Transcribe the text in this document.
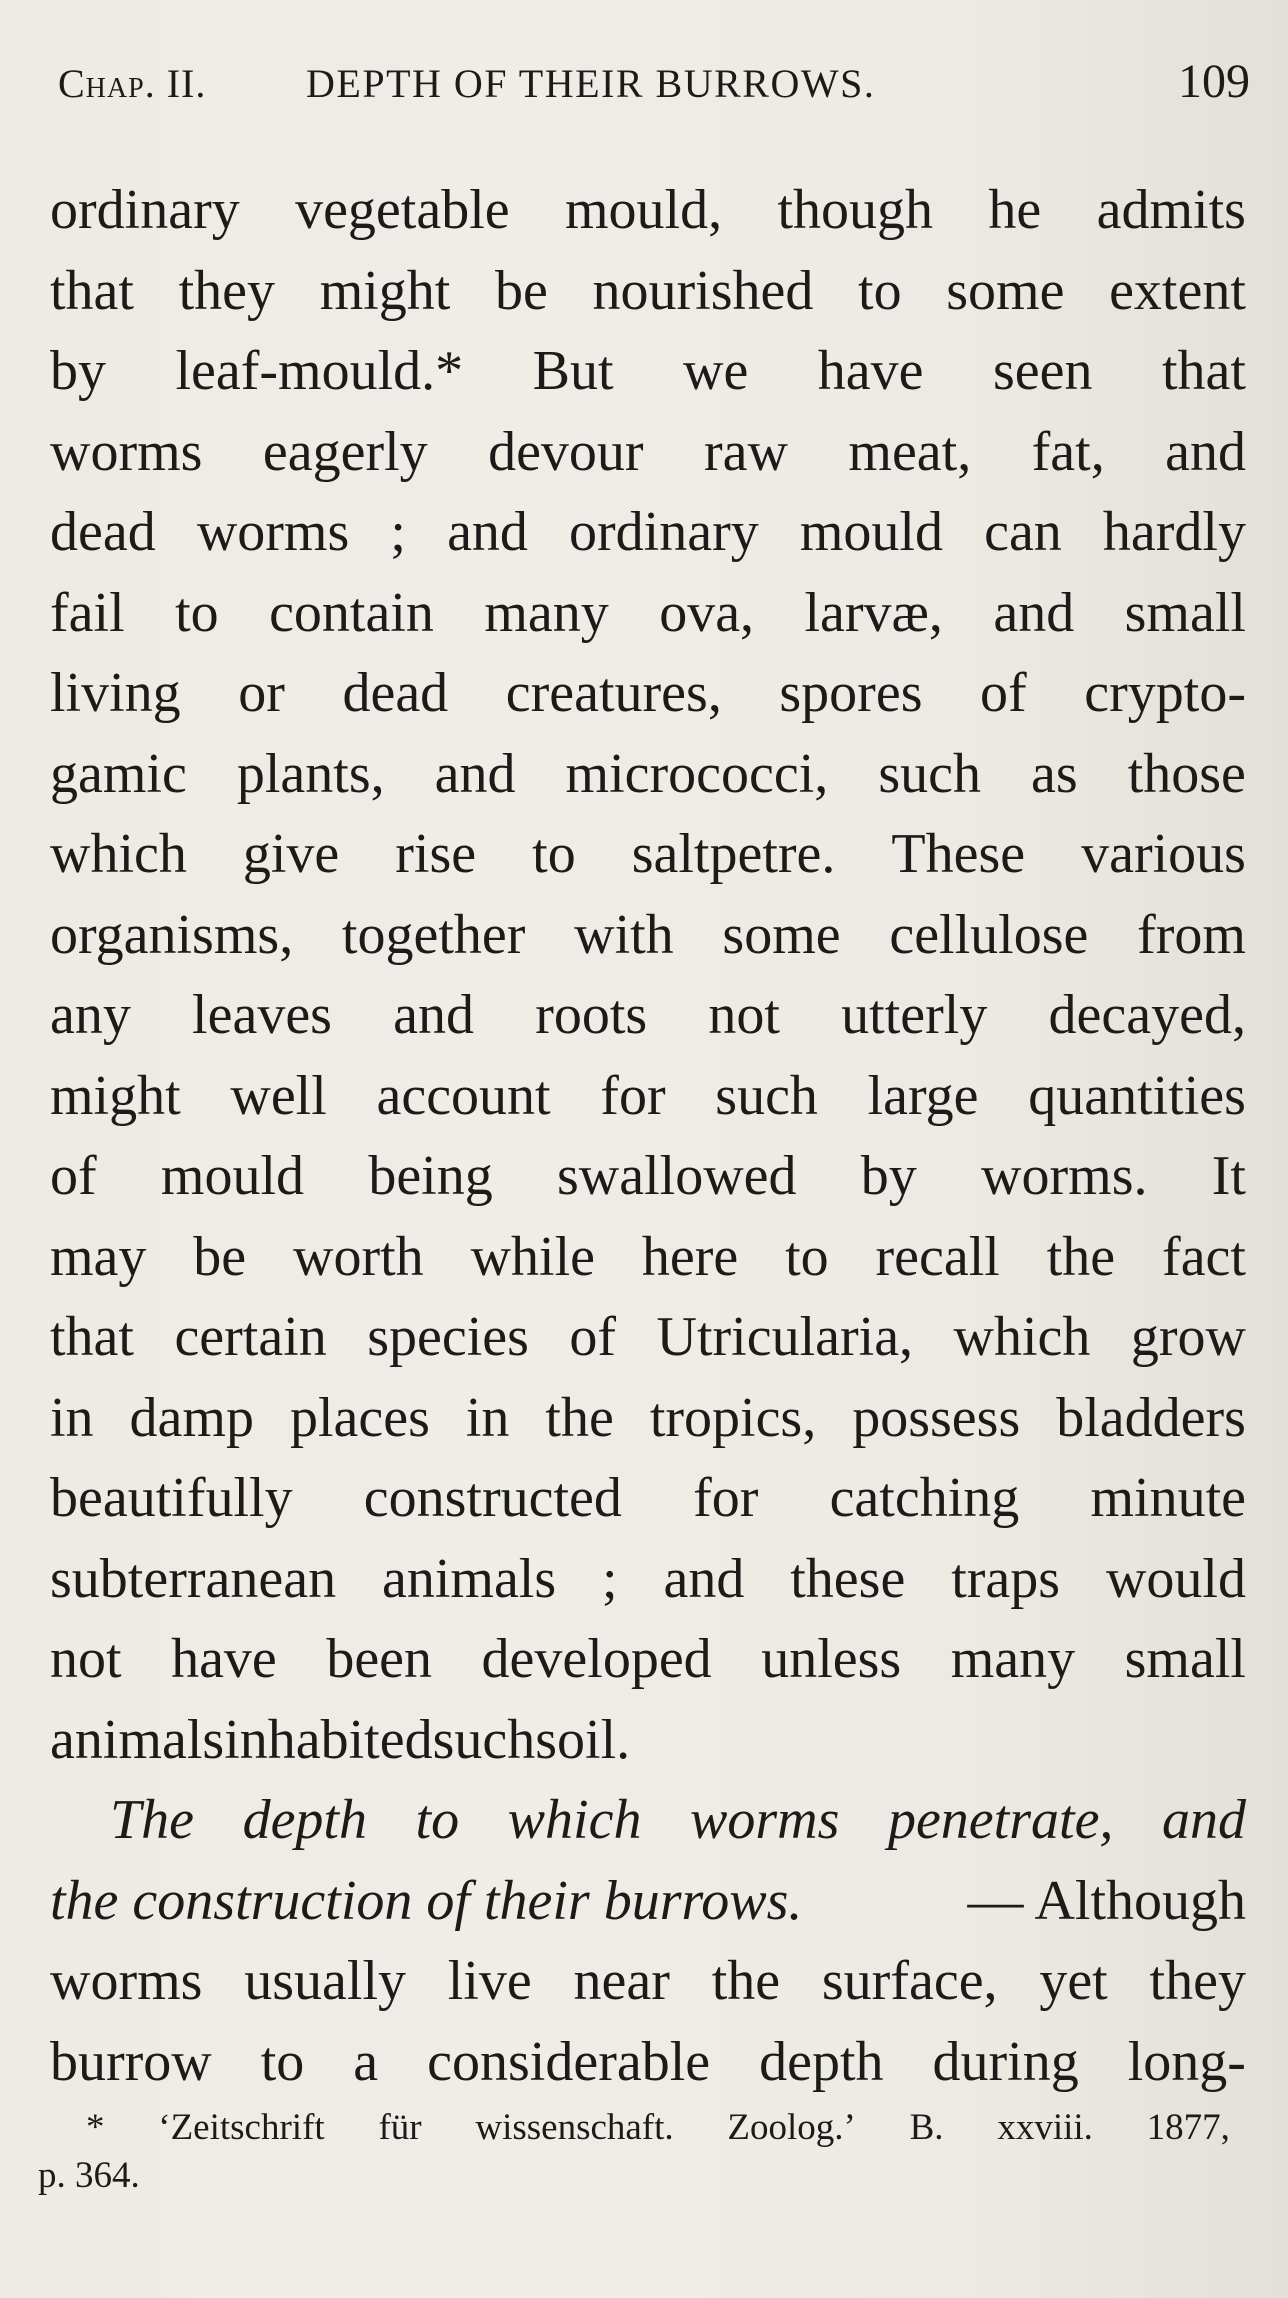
Chap. II. DEPTH OF THEIR BURROWS.	109
ordinary vegetable mould, though he admits
that they might be nourished to some extent
by leaf-mould.* But we have seen that
worms eagerly devour raw meat, fat, and
dead worms ; and ordinary mould can hardly
fail to contain many ova, larvæ, and small
living or dead creatures, spores of crypto-
gamic plants, and micrococci, such as those
which give rise to saltpetre. These various
organisms, together with some cellulose from
any leaves and roots not utterly decayed,
might well account for such large quantities
of mould being swallowed by worms. It
may be worth while here to recall the fact
that certain species of Utricularia, which grow
in damp places in the tropics, possess bladders
beautifully constructed for catching minute
subterranean animals ; and these traps would
not have been developed unless many small
animals inhabited such soil.
The depth to which worms penetrate, and
the construction of their burrows.	— Although
worms usually live near the surface, yet they
burrow to a considerable depth during long-
* ‘Zeitschrift für wissenschaft. Zoolog.’ B. xxviii. 1877,
p. 364.
